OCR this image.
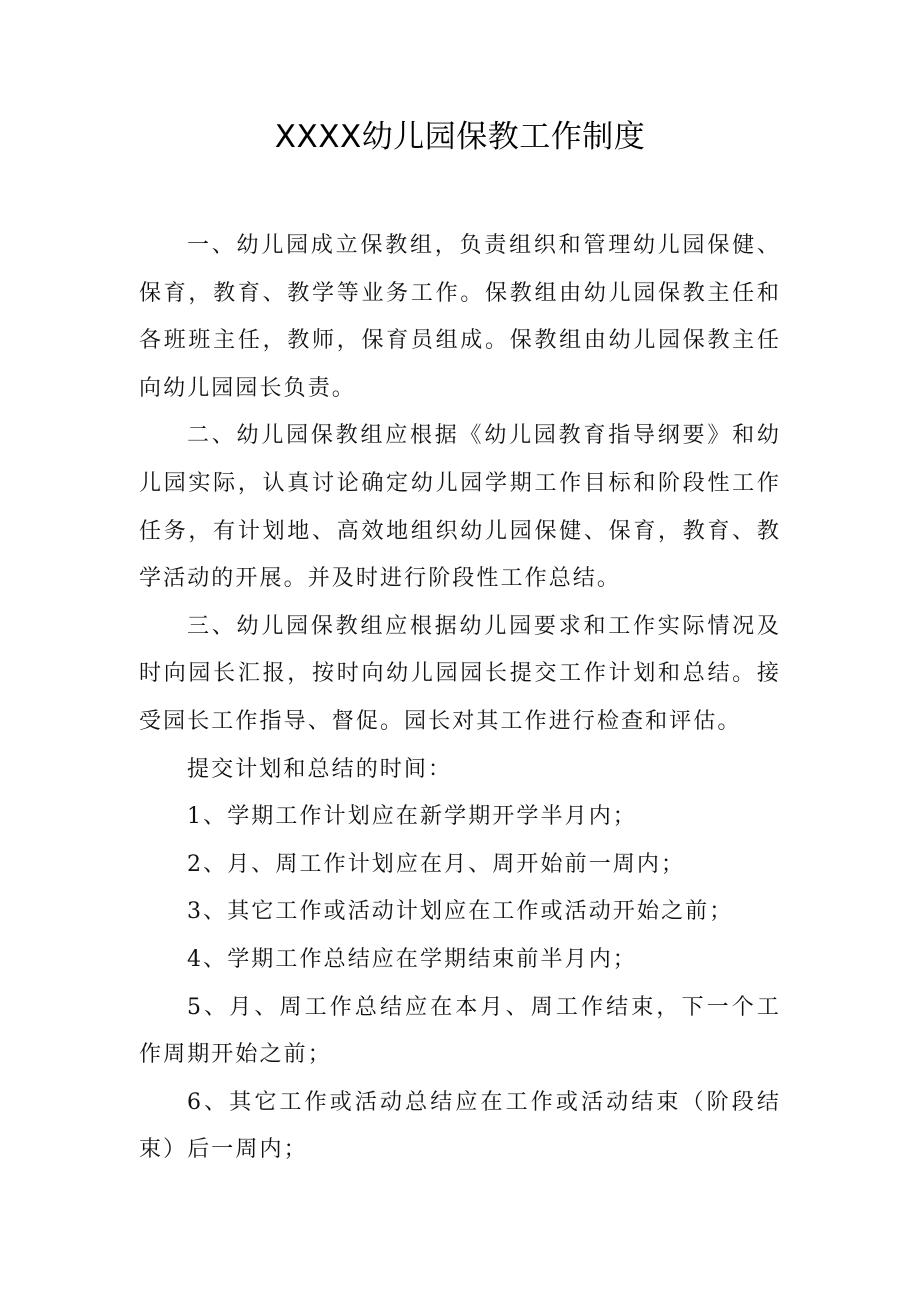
XXXX幼儿园保教工作制度

一、幼儿园成立保教组，负责组织和管理幼儿园保健、保育，教育、教学等业务工作。保教组由幼儿园保教主任和各班班主任，教师，保育员组成。保教组由幼儿园保教主任向幼儿园园长负责。

二、幼儿园保教组应根据《幼儿园教育指导纲要》和幼儿园实际，认真讨论确定幼儿园学期工作目标和阶段性工作任务，有计划地、高效地组织幼儿园保健、保育，教育、教学活动的开展。并及时进行阶段性工作总结。

三、幼儿园保教组应根据幼儿园要求和工作实际情况及时向园长汇报，按时向幼儿园园长提交工作计划和总结。接受园长工作指导、督促。园长对其工作进行检查和评估。

提交计划和总结的时间：

1、学期工作计划应在新学期开学半月内；

2、月、周工作计划应在月、周开始前一周内；

3、其它工作或活动计划应在工作或活动开始之前；

4、学期工作总结应在学期结束前半月内；

5、月、周工作总结应在本月、周工作结束，下一个工作周期开始之前；

6、其它工作或活动总结应在工作或活动结束（阶段结束）后一周内；
